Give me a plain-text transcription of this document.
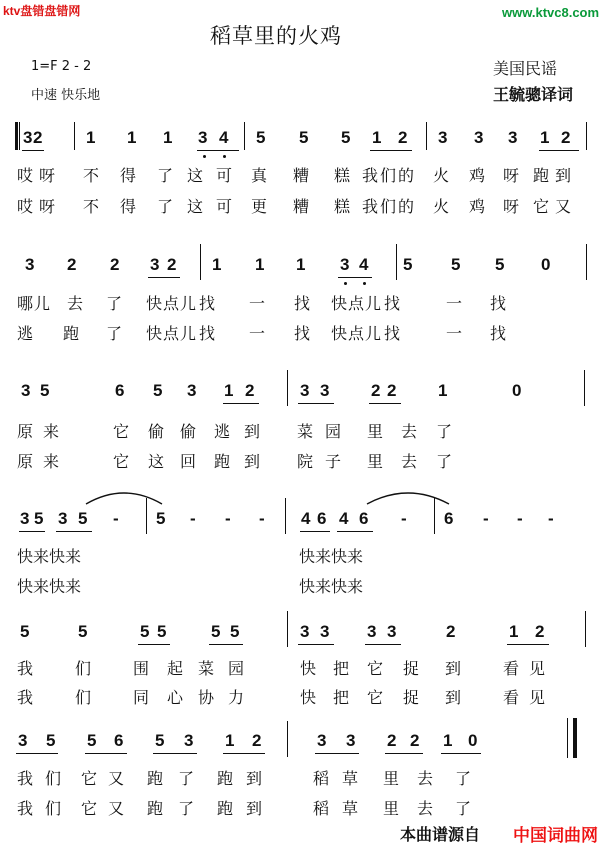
ktv盘错盘错网	www.ktvc8.com
稻草里的火鸡
1=F 2 - 2
中速 快乐地
美国民谣
王毓骢译词
3 2	1 1 1 3 4 5 5 5 1 2 3 3 3 1 2
哎 呀 不 得 了 这 可 真 糟 糕 我 们 的 火 鸡 呀 跑 到
哎 呀 不 得 了 这 可 更 糟 糕 我 们 的 火 鸡 呀 它 又
3 2 2 3 2 1 1 1 3 4 5 5 5 0
哪 儿 去 了 快 点 儿 找 一 找 快 点 儿 找	一 找
逃 跑 了 快 点 儿 找 一 找 快 点 儿 找	一 找
3 5	6 5 3 1 2	3 3 2 2 1	0
原 来	它 偷 偷 逃 到 菜 园 里 去 了
原 来	它 这 回 跑 到 院 子 里 去 了
3 5 3 5 - 5 - - - 4 6 4 6 - 6 - - -
快来快来	快来快来
快来快来	快来快来
5	5	5 5	5 5	3 3 3 3	2	1 2
我	们	围 起 菜 园	快 把 它 捉 到	看 见
我	们	同 心 协 力	快 把 它 捉 到	看 见
3 5 5 6 5 3 1 2	3 3 2 2 1 0
我 们 它 又 跑 了 跑 到	稻 草 里 去 了
我 们 它 又 跑 了 跑 到	稻 草 里 去 了
本曲谱源自 中国词曲网
